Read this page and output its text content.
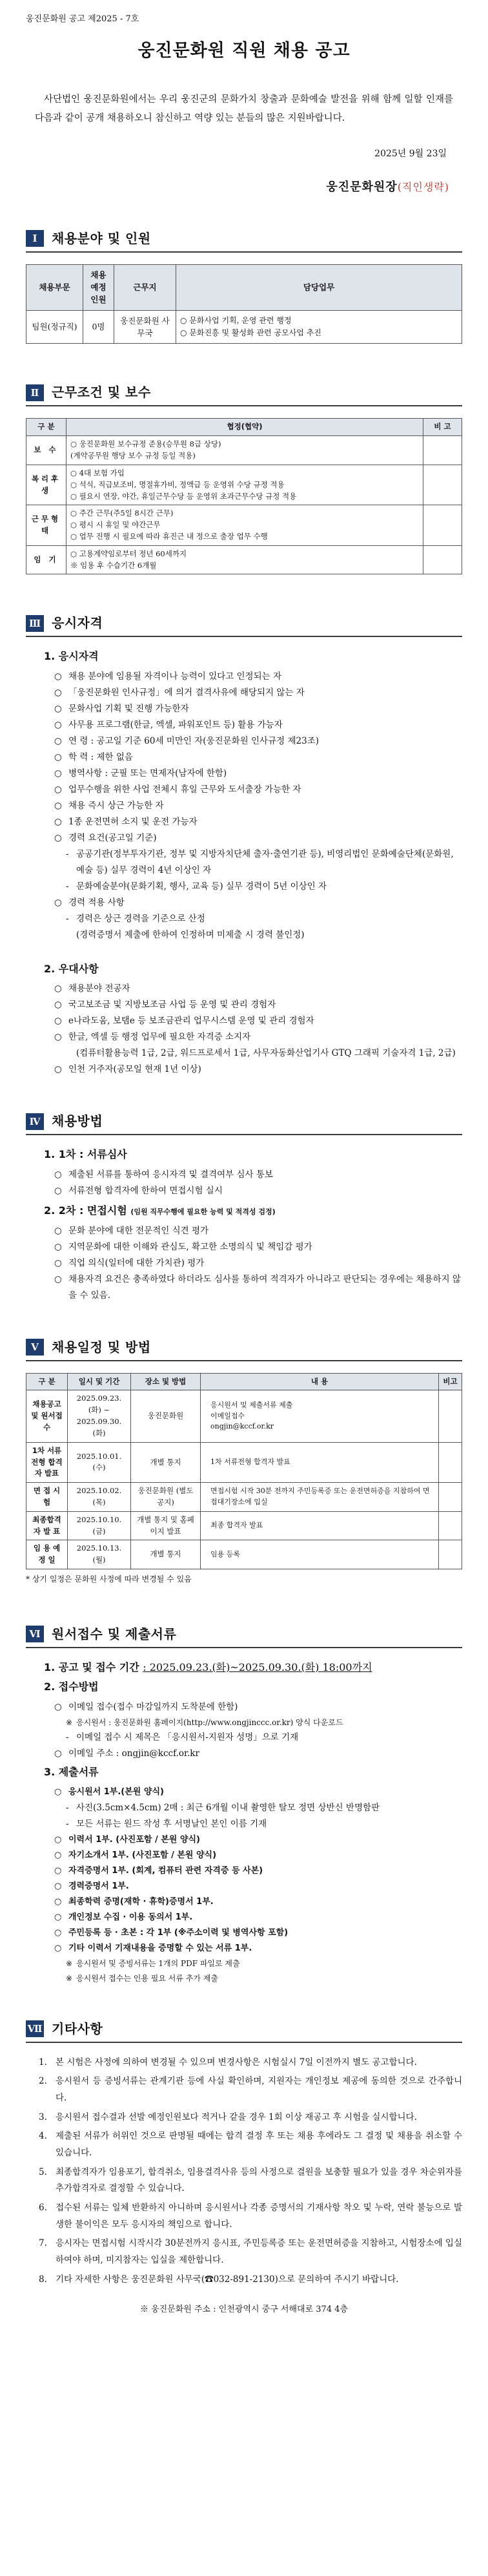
웅진문화원 공고 제2025 - 7호
웅진문화원 직원 채용 공고
사단법인 웅진문화원에서는 우리 웅진군의 문화가치 창출과 문화예술 발전을 위해 함께 일할 인재를 다음과 같이 공개 채용하오니 참신하고 역량 있는 분들의 많은 지원바랍니다.
2025년 9월 23일
웅진문화원장(직인생략)
Ⅰ	채용분야 및 인원
채용부문	채용예정 인원	근무지	담당업무
팀원(정규직)	0명	웅진문화원 사무국	○ 문화사업 기획, 운영 관련 행정
○ 문화진흥 및 활성화 관련 공모사업 추진
Ⅱ 근무조건 및 보수
구 분	협정(협약)	비 고
보 수	○ 웅진문화원 보수규정 준용(승무원 8급 상당)
(계약공무원 행당 보수 규정 등일 적용)	

복리후생	○ 4대 보험 가입
○ 석식, 직급보조비, 명절휴가비, 정액급 등 운영위 수당 규정 적용
○ 필요시 연장, 야간, 휴일근무수당 등 운영위 초과근무수당 규정 적용	

근무형태	○ 주간 근무(주5일 8시간 근무)
○ 평시 시 휴일 및 야간근무
○ 업무 진행 시 필요에 따라 휴진근 내 정으로 출장 업무 수행	

임 기	○ 고용계약임로부터 정년 60세까지
※ 임용 후 수습기간 6개월	

Ⅲ 응시자격
1. 응시자격
○ 채용 분야에 임용될 자격이나 능력이 있다고 인정되는 자
○ 「웅진문화원 인사규정」에 의거 결격사유에 해당되지 않는 자
○ 문화사업 기획 및 진행 가능한자
○ 사무용 프로그램(한글, 엑셀, 파워포인트 등) 활용 가능자
○ 연 령 : 공고일 기준 60세 미만인 자(웅진문화원 인사규정 제23조)
○ 학 력 : 제한 없음
○ 병역사항 : 군필 또는 면제자(남자에 한함)
○ 업무수행을 위한 사업 전체시 휴일 근무와 도서출장 가능한 자
○ 채용 즉시 상근 가능한 자
○ 1종 운전면허 소지 및 운전 가능자
○ 경력 요건(공고일 기준)
- 공공기관(정부투자기관, 정부 및 지방자치단체 출자·출연기관 등), 비영리법인 문화예술단체(문화원, 예술 등) 실무 경력이 4년 이상인 자
- 문화예술분야(문화기획, 행사, 교육 등) 실무 경력이 5년 이상인 자
○ 경력 적용 사항
- 경력은 상근 경력을 기준으로 산정
(경력증명서 제출에 한하여 인정하며 미제출 시 경력 불인정)
2. 우대사항
○ 채용분야 전공자
○ 국고보조금 및 지방보조금 사업 등 운영 및 관리 경험자
○ e나라도움, 보탬e 등 보조금관리 업무시스템 운영 및 관리 경험자
○ 한글, 엑셀 등 행정 업무에 필요한 자격증 소지자
(컴퓨터활용능력 1급, 2급, 워드프로세서 1급, 사무자동화산업기사 GTQ 그래픽 기술자격 1급, 2급)
○ 인천 거주자(공모일 현재 1년 이상)
Ⅳ 채용방법
1. 1차 : 서류심사
○ 제출된 서류를 통하여 응시자격 및 결격여부 심사 통보
○ 서류전형 합격자에 한하여 면접시험 실시
2. 2차 : 면접시험 (임원 직무수행에 필요한 능력 및 적격성 검정)
○ 문화 분야에 대한 전문적인 식견 평가
○ 지역문화에 대한 이해와 관심도, 확고한 소명의식 및 책임감 평가
○ 직업 의식(일터에 대한 가치관) 평가
○ 채용자격 요건은 충족하였다 하더라도 심사를 통하여 적격자가 아니라고 판단되는 경우에는 채용하지 않을 수 있음.
Ⅴ	채용일정 및 방법
구 분	일시 및 기간	장소 및 방법	내 용	비고
채용공고 및 원서접수	2025.09.23.(화) ~ 2025.09.30.(화)	웅진문화원	응시원서 및 제출서류 제출
이메일접수
ongjin@kccf.or.kr	

1차 서류전형 합격자 발표	2025.10.01.(수)	개별 통지	1차 서류전형 합격자 발표	

면 접 시 험	2025.10.02.(목)	웅진문화원 (별도 공지)	면접시험 시작 30분 전까지 주민등록증 또는 운전면허증을 지참하여 면접대기장소에 입실	

최종합격자 발 표	2025.10.10.(금)	개별 통지 및 홈페이지 발표	최종 합격자 발표	

임 용 예 정 일	2025.10.13.(월)	개별 통지	임용 등록	

* 상기 일정은 문화원 사정에 따라 변경될 수 있음
Ⅵ 원서접수 및 제출서류
1. 공고 및 접수 기간 : 2025.09.23.(화)~2025.09.30.(화) 18:00까지
2. 접수방법
○ 이메일 접수(접수 마감일까지 도착분에 한함)
※ 응시원서 : 웅진문화원 홈페이지(http://www.ongjinccc.or.kr) 양식 다운로드
- 이메일 접수 시 제목은 「응시원서-지원자 성명」으로 기재
○ 이메일 주소 : ongjin@kccf.or.kr
3. 제출서류
○ 응시원서 1부.(본원 양식)
- 사진(3.5cm×4.5cm) 2매 : 최근 6개월 이내 촬영한 탈모 정면 상반신 반명함판
- 모든 서류는 원드 작성 후 서명날인 본인 이름 기재
○ 이력서 1부. (사진포함 / 본원 양식)
○ 자기소개서 1부. (사진포함 / 본원 양식)
○ 자격증명서 1부. (회계, 컴퓨터 관련 자격증 등 사본)
○ 경력증명서 1부.
○ 최종학력 증명(재학 · 휴학)증명서 1부.
○ 개인정보 수집 · 이용 동의서 1부.
○ 주민등록 등 · 초본 : 각 1부 (※주소이력 및 병역사항 포함)
○ 기타 이력서 기재내용을 증명할 수 있는 서류 1부.
※ 응시원서 및 증빙서류는 1개의 PDF 파일로 제출
※ 응시원서 접수는 인용 필요 서류 추가 제출
Ⅶ 기타사항
1. 본 시험은 사정에 의하여 변경될 수 있으며 변경사항은 시험실시 7일 이전까지 별도 공고합니다.
2. 응시원서 등 증빙서류는 관계기관 등에 사실 확인하며, 지원자는 개인정보 제공에 동의한 것으로 간주합니다.
3. 응시원서 접수결과 선발 예정인원보다 적거나 같을 경우 1회 이상 재공고 후 시험을 실시합니다.
4. 제출된 서류가 허위인 것으로 판명될 때에는 합격 결정 후 또는 채용 후에라도 그 결정 및 채용을 취소할 수 있습니다.
5. 최종합격자가 임용포기, 합격취소, 임용결격사유 등의 사정으로 결원을 보충할 필요가 있을 경우 차순위자를 추가합격자로 결정할 수 있습니다.
6. 접수된 서류는 일체 반환하지 아니하며 응시원서나 각종 증명서의 기재사항 착오 및 누락, 연락 불능으로 발생한 불이익은 모두 응시자의 책임으로 합니다.
7. 응시자는 면접시험 시작시각 30분전까지 응시표, 주민등록증 또는 운전면허증을 지참하고, 시험장소에 입실하여야 하며, 미지참자는 입실을 제한합니다.
8. 기타 자세한 사항은 웅진문화원 사무국(☎032-891-2130)으로 문의하여 주시기 바랍니다.
※ 웅진문화원 주소 : 인천광역시 중구 서해대로 374 4층
